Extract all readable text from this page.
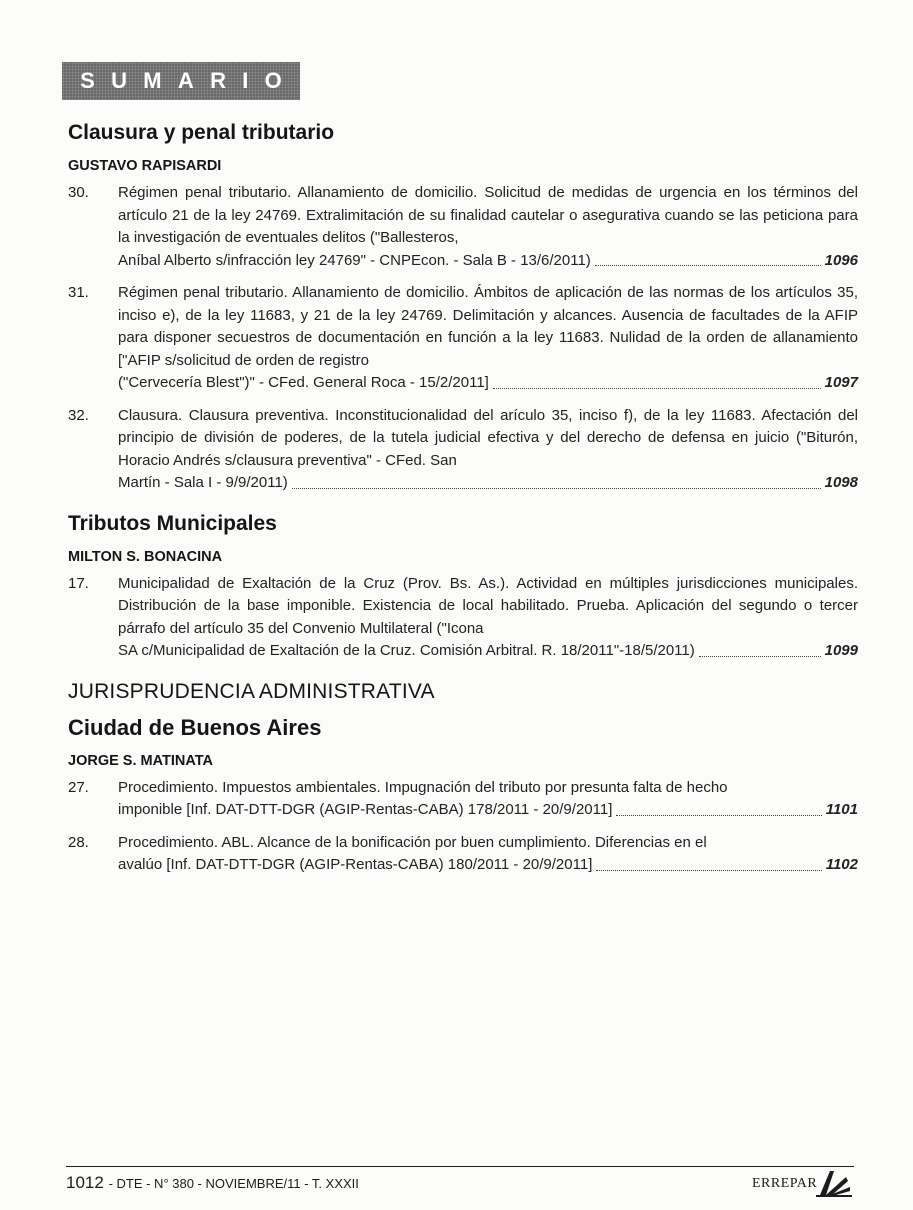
S U M A R I O
Clausura y penal tributario
GUSTAVO RAPISARDI
30.	Régimen penal tributario. Allanamiento de domicilio. Solicitud de medidas de urgencia en los términos del artículo 21 de la ley 24769. Extralimitación de su finalidad cautelar o asegurativa cuando se las peticiona para la investigación de eventuales delitos ("Ballesteros,
Aníbal Alberto s/infracción ley 24769" - CNPEcon. - Sala B - 13/6/2011)	1096
31.	Régimen penal tributario. Allanamiento de domicilio. Ámbitos de aplicación de las normas de los artículos 35, inciso e), de la ley 11683, y 21 de la ley 24769. Delimitación y alcances. Ausencia de facultades de la AFIP para disponer secuestros de documentación en función a la ley 11683. Nulidad de la orden de allanamiento ["AFIP s/solicitud de orden de registro
("Cervecería Blest")" - CFed. General Roca - 15/2/2011]	1097
32.	Clausura. Clausura preventiva. Inconstitucionalidad del arículo 35, inciso f), de la ley 11683. Afectación del principio de división de poderes, de la tutela judicial efectiva y del derecho de defensa en juicio ("Biturón, Horacio Andrés s/clausura preventiva" - CFed. San
Martín - Sala I - 9/9/2011)	1098
Tributos Municipales
MILTON S. BONACINA
17.	Municipalidad de Exaltación de la Cruz (Prov. Bs. As.). Actividad en múltiples jurisdicciones municipales. Distribución de la base imponible. Existencia de local habilitado. Prueba. Aplicación del segundo o tercer párrafo del artículo 35 del Convenio Multilateral ("Icona
SA c/Municipalidad de Exaltación de la Cruz. Comisión Arbitral. R. 18/2011"-18/5/2011)	1099
JURISPRUDENCIA ADMINISTRATIVA
Ciudad de Buenos Aires
JORGE S. MATINATA
27.	Procedimiento. Impuestos ambientales. Impugnación del tributo por presunta falta de hecho
imponible [Inf. DAT-DTT-DGR (AGIP-Rentas-CABA) 178/2011 - 20/9/2011]	1101
28.	Procedimiento. ABL. Alcance de la bonificación por buen cumplimiento. Diferencias en el
avalúo [Inf. DAT-DTT-DGR (AGIP-Rentas-CABA) 180/2011 - 20/9/2011]	1102
1012 - DTE - N° 380 - NOVIEMBRE/11 - T. XXXII	ERREPAR
